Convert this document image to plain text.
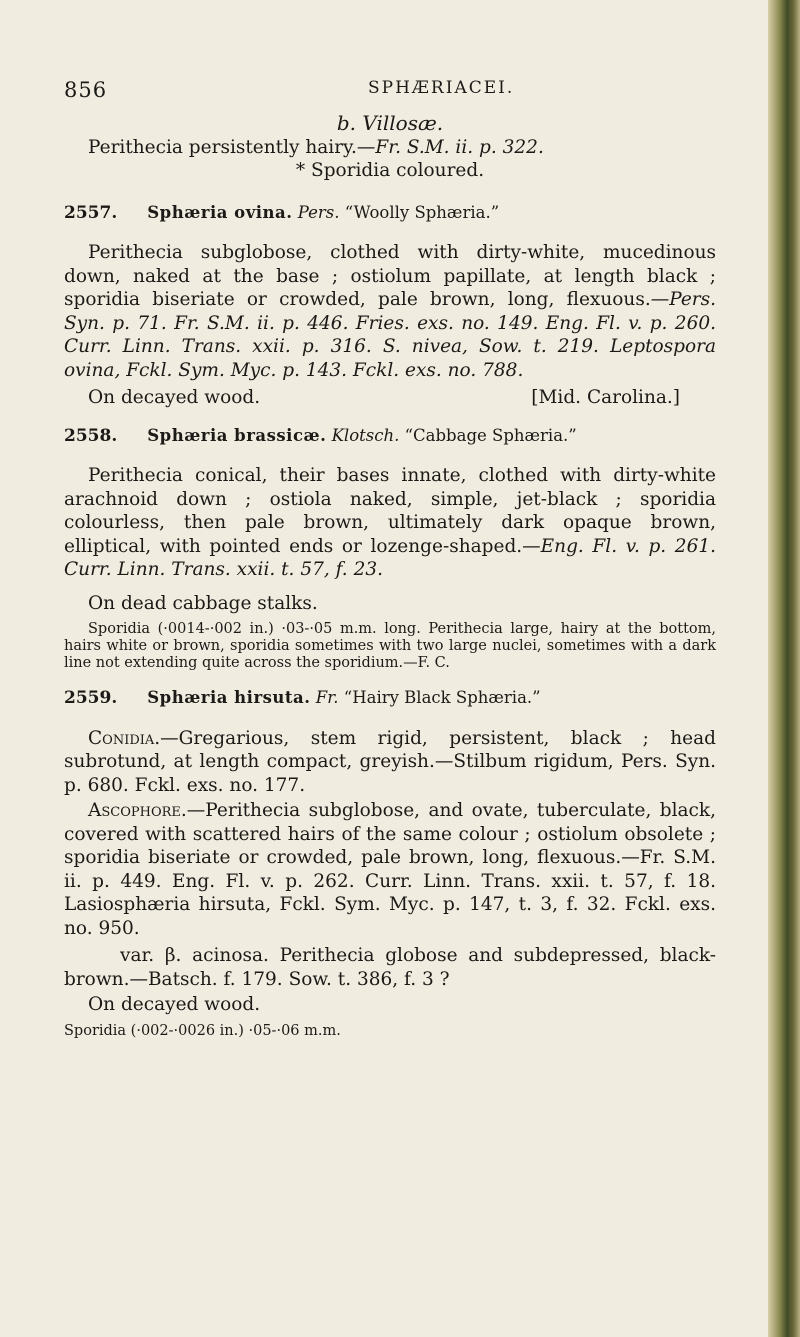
856	SPHÆRIACEI.

b. Villosæ.

Perithecia persistently hairy.—Fr. S.M. ii. p. 322.

* Sporidia coloured.

2557. Sphæria ovina. Pers. “Woolly Sphæria.”

Perithecia subglobose, clothed with dirty-white, mucedinous down, naked at the base ; ostiolum papillate, at length black ; sporidia biseriate or crowded, pale brown, long, flexuous.—Pers. Syn. p. 71. Fr. S.M. ii. p. 446. Fries. exs. no. 149. Eng. Fl. v. p. 260. Curr. Linn. Trans. xxii. p. 316. S. nivea, Sow. t. 219. Leptospora ovina, Fckl. Sym. Myc. p. 143. Fckl. exs. no. 788.

On decayed wood.	[Mid. Carolina.]

2558. Sphæria brassicæ. Klotsch. “Cabbage Sphæria.”

Perithecia conical, their bases innate, clothed with dirty-white arachnoid down ; ostiola naked, simple, jet-black ; sporidia colourless, then pale brown, ultimately dark opaque brown, elliptical, with pointed ends or lozenge-shaped.—Eng. Fl. v. p. 261. Curr. Linn. Trans. xxii. t. 57, f. 23.

On dead cabbage stalks.

Sporidia (·0014-·002 in.) ·03-·05 m.m. long. Perithecia large, hairy at the bottom, hairs white or brown, sporidia sometimes with two large nuclei, sometimes with a dark line not extending quite across the sporidium.—F. C.

2559. Sphæria hirsuta. Fr. “Hairy Black Sphæria.”

Conidia.—Gregarious, stem rigid, persistent, black ; head subrotund, at length compact, greyish.—Stilbum rigidum, Pers. Syn. p. 680. Fckl. exs. no. 177.

Ascophore.—Perithecia subglobose, and ovate, tuberculate, black, covered with scattered hairs of the same colour ; ostiolum obsolete ; sporidia biseriate or crowded, pale brown, long, flexuous.—Fr. S.M. ii. p. 449. Eng. Fl. v. p. 262. Curr. Linn. Trans. xxii. t. 57, f. 18. Lasiosphæria hirsuta, Fckl. Sym. Myc. p. 147, t. 3, f. 32. Fckl. exs. no. 950.

var. β. acinosa. Perithecia globose and subdepressed, black-brown.—Batsch. f. 179. Sow. t. 386, f. 3 ?

On decayed wood.

Sporidia (·002-·0026 in.) ·05-·06 m.m.
